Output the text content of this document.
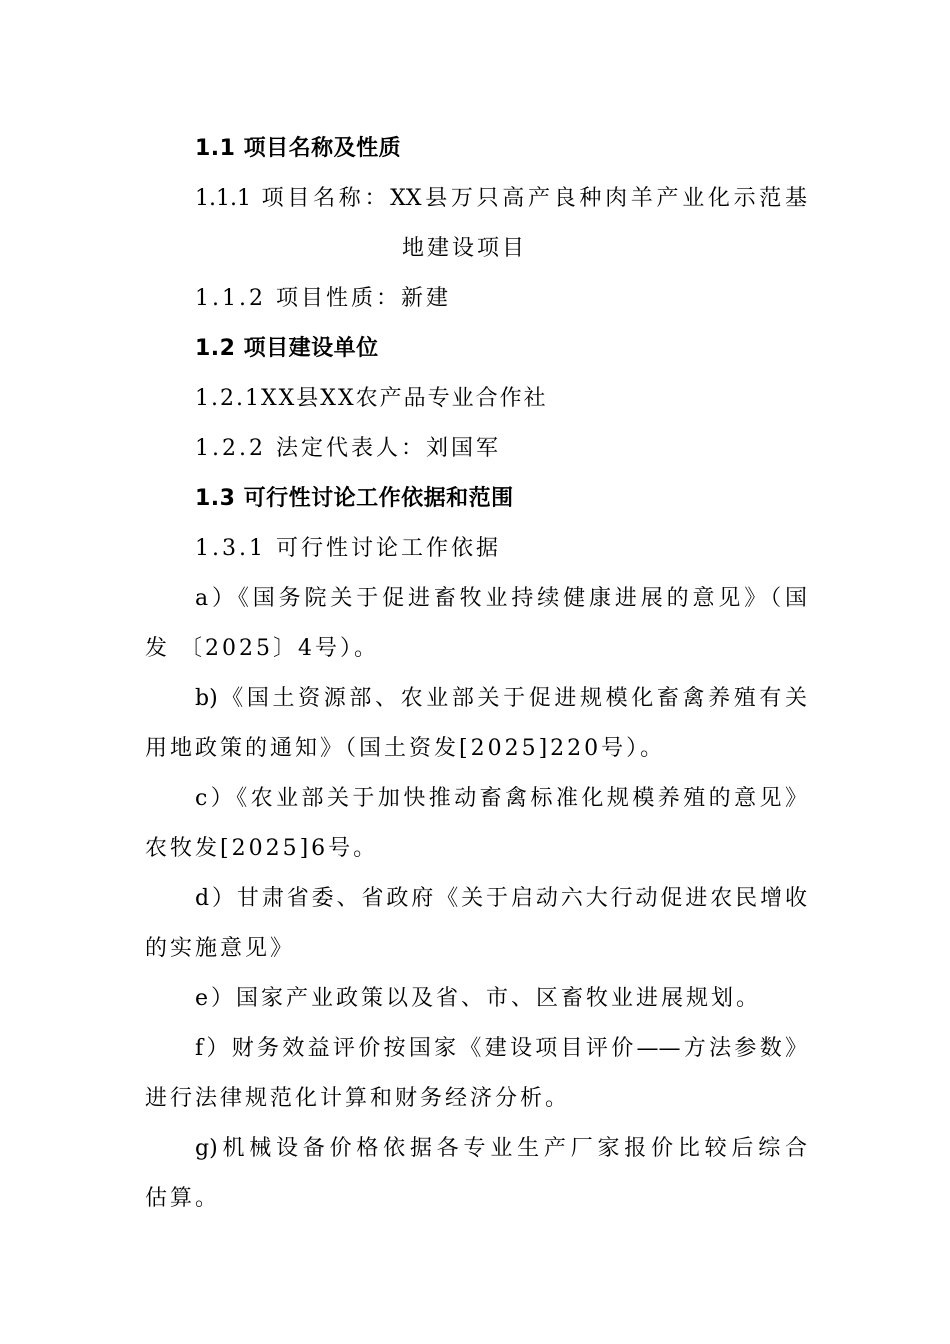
1.1 项目名称及性质
1.1.1 项目名称：XX县万只高产良种肉羊产业化示范基
地建设项目
1.1.2 项目性质：新建
1.2 项目建设单位
1.2.1XX县XX农产品专业合作社
1.2.2 法定代表人：刘国军
1.3 可行性讨论工作依据和范围
1.3.1 可行性讨论工作依据
a）《国务院关于促进畜牧业持续健康进展的意见》（国
发 〔2025〕4号）。
b)《国土资源部、农业部关于促进规模化畜禽养殖有关
用地政策的通知》（国土资发[2025]220号）。
c）《农业部关于加快推动畜禽标准化规模养殖的意见》
农牧发[2025]6号。
d）甘肃省委、省政府《关于启动六大行动促进农民增收
的实施意见》
e）国家产业政策以及省、市、区畜牧业进展规划。
f）财务效益评价按国家《建设项目评价——方法参数》
进行法律规范化计算和财务经济分析。
g)机械设备价格依据各专业生产厂家报价比较后综合
估算。
